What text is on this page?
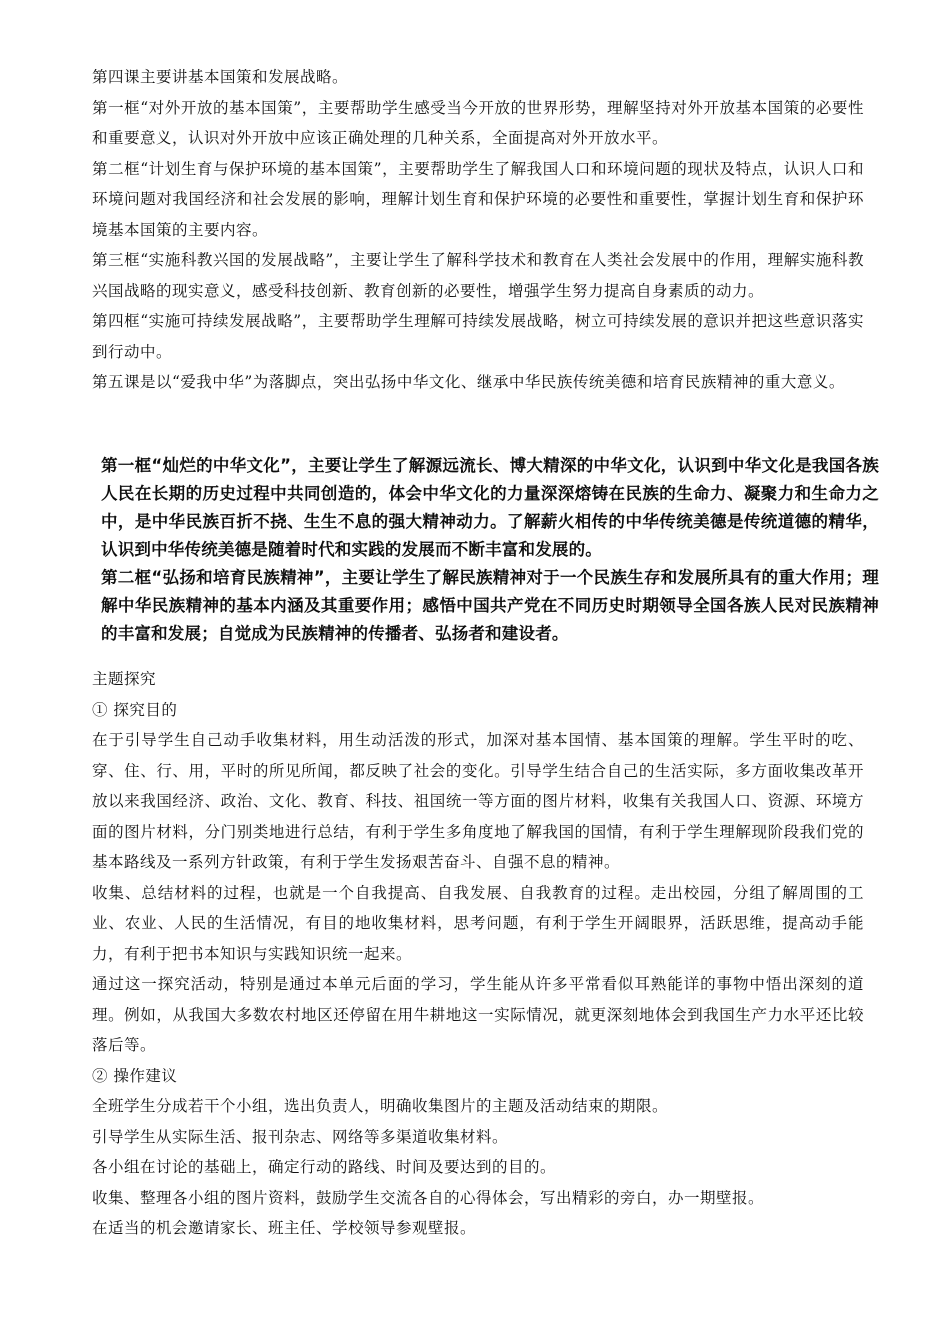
第四课主要讲基本国策和发展战略。

第一框“对外开放的基本国策”，主要帮助学生感受当今开放的世界形势，理解坚持对外开放基本国策的必要性和重要意义，认识对外开放中应该正确处理的几种关系，全面提高对外开放水平。

第二框“计划生育与保护环境的基本国策”，主要帮助学生了解我国人口和环境问题的现状及特点，认识人口和环境问题对我国经济和社会发展的影响，理解计划生育和保护环境的必要性和重要性，掌握计划生育和保护环境基本国策的主要内容。

第三框“实施科教兴国的发展战略”，主要让学生了解科学技术和教育在人类社会发展中的作用，理解实施科教兴国战略的现实意义，感受科技创新、教育创新的必要性，增强学生努力提高自身素质的动力。

第四框“实施可持续发展战略”，主要帮助学生理解可持续发展战略，树立可持续发展的意识并把这些意识落实到行动中。

第五课是以“爱我中华”为落脚点，突出弘扬中华文化、继承中华民族传统美德和培育民族精神的重大意义。

第一框“灿烂的中华文化”，主要让学生了解源远流长、博大精深的中华文化，认识到中华文化是我国各族人民在长期的历史过程中共同创造的，体会中华文化的力量深深熔铸在民族的生命力、凝聚力和生命力之中，是中华民族百折不挠、生生不息的强大精神动力。了解薪火相传的中华传统美德是传统道德的精华，认识到中华传统美德是随着时代和实践的发展而不断丰富和发展的。

第二框“弘扬和培育民族精神”，主要让学生了解民族精神对于一个民族生存和发展所具有的重大作用；理解中华民族精神的基本内涵及其重要作用；感悟中国共产党在不同历史时期领导全国各族人民对民族精神的丰富和发展；自觉成为民族精神的传播者、弘扬者和建设者。

主题探究

① 探究目的

在于引导学生自己动手收集材料，用生动活泼的形式，加深对基本国情、基本国策的理解。学生平时的吃、穿、住、行、用，平时的所见所闻，都反映了社会的变化。引导学生结合自己的生活实际，多方面收集改革开放以来我国经济、政治、文化、教育、科技、祖国统一等方面的图片材料，收集有关我国人口、资源、环境方面的图片材料，分门别类地进行总结，有利于学生多角度地了解我国的国情，有利于学生理解现阶段我们党的基本路线及一系列方针政策，有利于学生发扬艰苦奋斗、自强不息的精神。

收集、总结材料的过程，也就是一个自我提高、自我发展、自我教育的过程。走出校园，分组了解周围的工业、农业、人民的生活情况，有目的地收集材料，思考问题，有利于学生开阔眼界，活跃思维，提高动手能力，有利于把书本知识与实践知识统一起来。

通过这一探究活动，特别是通过本单元后面的学习，学生能从许多平常看似耳熟能详的事物中悟出深刻的道理。例如，从我国大多数农村地区还停留在用牛耕地这一实际情况，就更深刻地体会到我国生产力水平还比较落后等。

② 操作建议

全班学生分成若干个小组，选出负责人，明确收集图片的主题及活动结束的期限。

引导学生从实际生活、报刊杂志、网络等多渠道收集材料。

各小组在讨论的基础上，确定行动的路线、时间及要达到的目的。

收集、整理各小组的图片资料，鼓励学生交流各自的心得体会，写出精彩的旁白，办一期壁报。

在适当的机会邀请家长、班主任、学校领导参观壁报。
